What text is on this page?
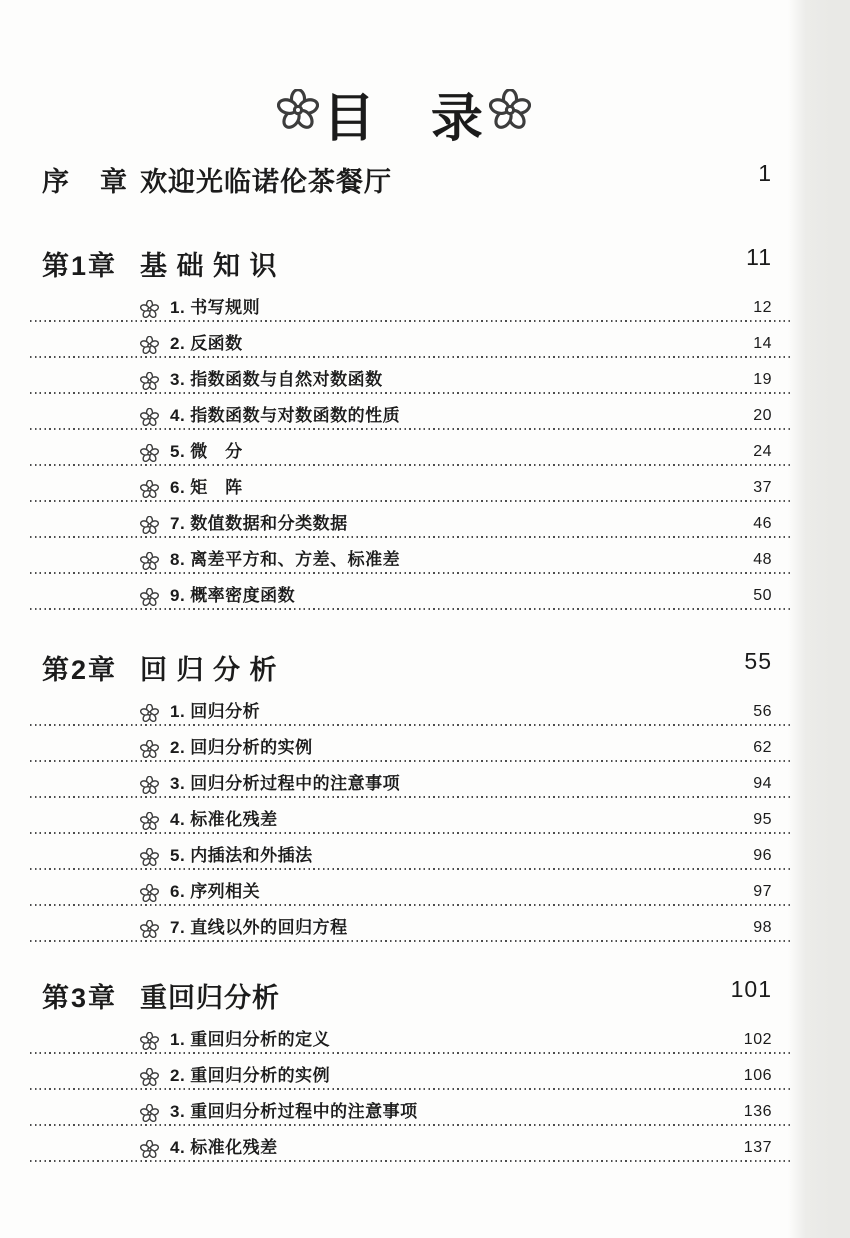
目　录

序　章 欢迎光临诺伦茶餐厅	1
第1章 基 础 知 识	11
1. 书写规则	12
2. 反函数	14
3. 指数函数与自然对数函数	19
4. 指数函数与对数函数的性质	20
5. 微　分	24
6. 矩　阵	37
7. 数值数据和分类数据	46
8. 离差平方和、方差、标准差	48
9. 概率密度函数	50
第2章 回 归 分 析	55
1. 回归分析	56
2. 回归分析的实例	62
3. 回归分析过程中的注意事项	94
4. 标准化残差	95
5. 内插法和外插法	96
6. 序列相关	97
7. 直线以外的回归方程	98
第3章 重回归分析	101
1. 重回归分析的定义	102
2. 重回归分析的实例	106
3. 重回归分析过程中的注意事项	136
4. 标准化残差	137
